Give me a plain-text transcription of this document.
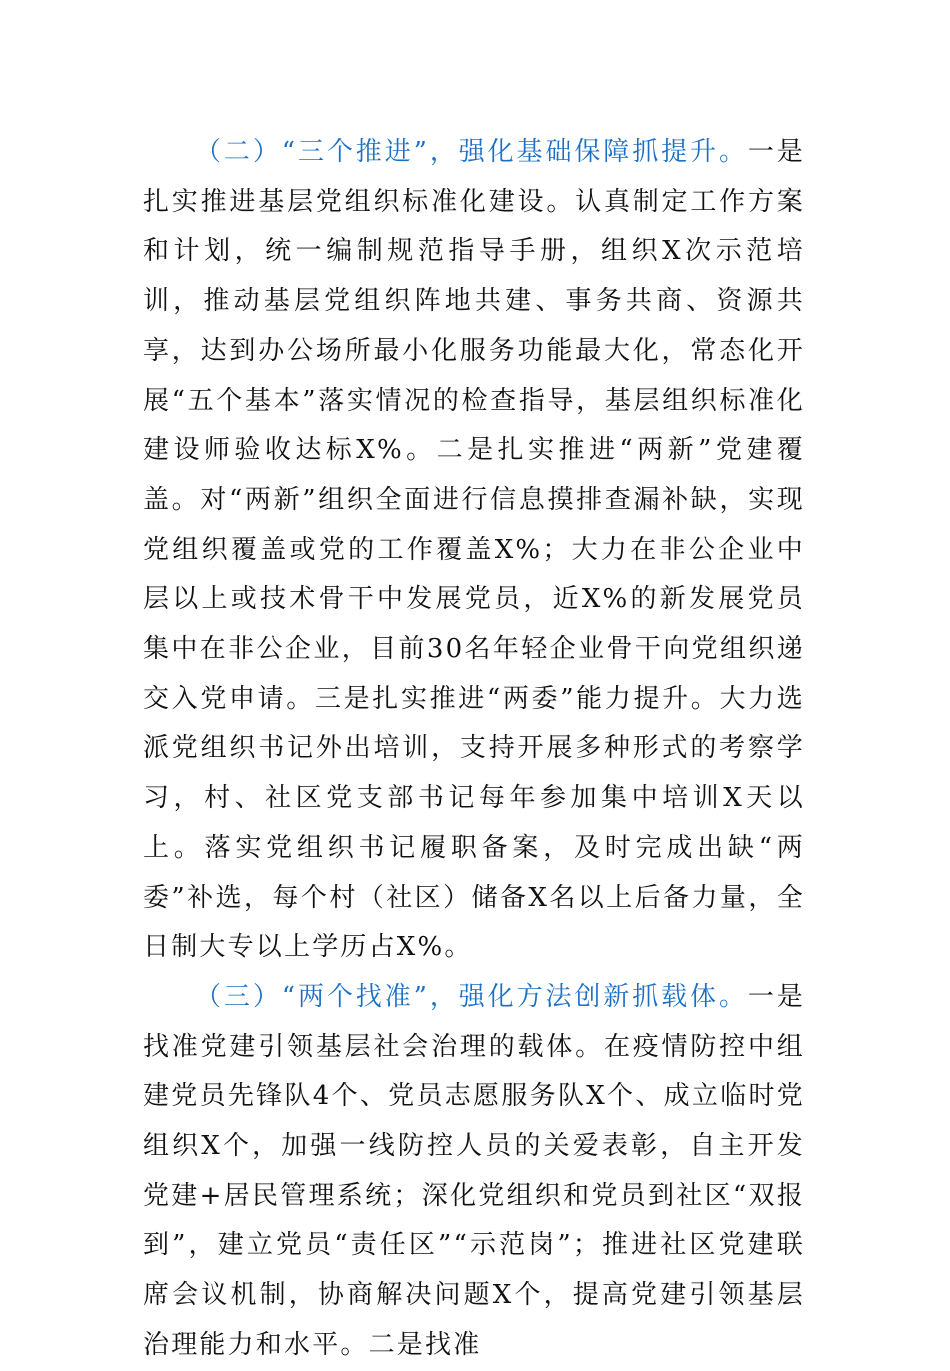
（二）“三个推进”，强化基础保障抓提升。一是扎实推进基层党组织标准化建设。认真制定工作方案和计划，统一编制规范指导手册，组织X次示范培训，推动基层党组织阵地共建、事务共商、资源共享，达到办公场所最小化服务功能最大化，常态化开展“五个基本”落实情况的检查指导，基层组织标准化建设师验收达标X%。二是扎实推进“两新”党建覆盖。对“两新”组织全面进行信息摸排查漏补缺，实现党组织覆盖或党的工作覆盖X%；大力在非公企业中层以上或技术骨干中发展党员，近X%的新发展党员集中在非公企业，目前30名年轻企业骨干向党组织递交入党申请。三是扎实推进“两委”能力提升。大力选派党组织书记外出培训，支持开展多种形式的考察学习，村、社区党支部书记每年参加集中培训X天以上。落实党组织书记履职备案，及时完成出缺“两委”补选，每个村（社区）储备X名以上后备力量，全日制大专以上学历占X%。

（三）“两个找准”，强化方法创新抓载体。一是找准党建引领基层社会治理的载体。在疫情防控中组建党员先锋队4个、党员志愿服务队X个、成立临时党组织X个，加强一线防控人员的关爱表彰，自主开发党建+居民管理系统；深化党组织和党员到社区“双报到”，建立党员“责任区”“示范岗”；推进社区党建联席会议机制，协商解决问题X个，提高党建引领基层治理能力和水平。二是找准
